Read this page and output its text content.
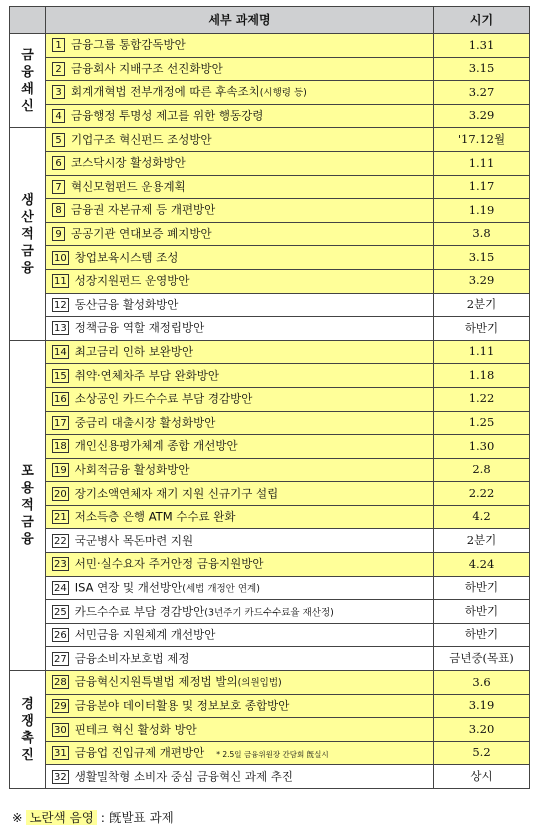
	세부 과제명	시기

금융쇄신	1 금융그룹 통합감독방안	1.31
	2 금융회사 지배구조 선진화방안	3.15
	3 회계개혁법 전부개정에 따른 후속조치(시행령 등)	3.27
	4 금융행정 투명성 제고를 위한 행동강령	3.29

생산적금융	5 기업구조 혁신펀드 조성방안	'17.12월
	6 코스닥시장 활성화방안	1.11
	7 혁신모험펀드 운용계획	1.17
	8 금융권 자본규제 등 개편방안	1.19
	9 공공기관 연대보증 폐지방안	3.8
	10 창업보육시스템 조성	3.15
	11 성장지원펀드 운영방안	3.29
	12 동산금융 활성화방안	2분기
	13 정책금융 역할 재정립방안	하반기

포용적금융	14 최고금리 인하 보완방안	1.11
	15 취약·연체차주 부담 완화방안	1.18
	16 소상공인 카드수수료 부담 경감방안	1.22
	17 중금리 대출시장 활성화방안	1.25
	18 개인신용평가체계 종합 개선방안	1.30
	19 사회적금융 활성화방안	2.8
	20 장기소액연체자 재기 지원 신규기구 설립	2.22
	21 저소득층 은행 ATM 수수료 완화	4.2
	22 국군병사 목돈마련 지원	2분기
	23 서민·실수요자 주거안정 금융지원방안	4.24
	24 ISA 연장 및 개선방안(세법 개정안 연계)	하반기
	25 카드수수료 부담 경감방안(3년주기 카드수수료율 재산정)	하반기
	26 서민금융 지원체계 개선방안	하반기
	27 금융소비자보호법 제정	금년중(목표)

경쟁촉진	28 금융혁신지원특별법 제정법 발의(의원입법)	3.6
	29 금융분야 데이터활용 및 정보보호 종합방안	3.19
	30 핀테크 혁신 활성화 방안	3.20
	31 금융업 진입규제 개편방안 * 2.5일 금융위원장 간담회 旣실시	5.2
	32 생활밀착형 소비자 중심 금융혁신 과제 추진	상시
※ 노란색 음영 : 旣발표 과제
